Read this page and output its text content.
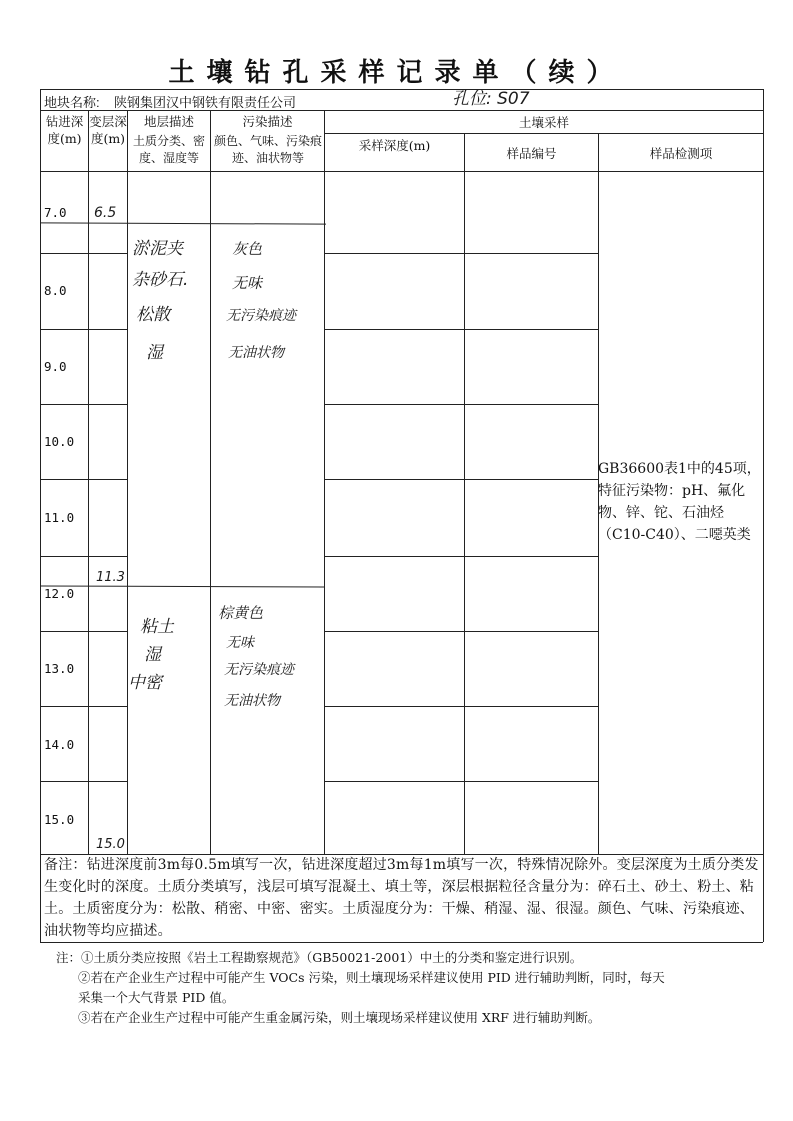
土壤钻孔采样记录单（续）
地块名称: 陕钢集团汉中钢铁有限责任公司	孔位: S07
钻进深度(m)
变层深度(m)
地层描述
土质分类、密度、湿度等
污染描述
颜色、气味、污染痕迹、油状物等
土壤采样
采样深度(m)
样品编号	样品检测项
7.0
8.0
9.0
10.0
11.0
12.0
13.0
14.0
15.0
6.5
11.3
15.0
淤泥夹
杂砂石.
松散
湿
灰色
无味
无污染痕迹
无油状物
粘土
湿
中密
棕黄色
无味
无污染痕迹
无油状物
GB36600表1中的45项，特征污染物：pH、氟化物、锌、铊、石油烃（C10-C40）、二噁英类
备注：钻进深度前3m每0.5m填写一次，钻进深度超过3m每1m填写一次，特殊情况除外。变层深度为土质分类发生变化时的深度。土质分类填写，浅层可填写混凝土、填土等，深层根据粒径含量分为：碎石土、砂土、粉土、粘土。土质密度分为：松散、稍密、中密、密实。土质湿度分为：干燥、稍湿、湿、很湿。颜色、气味、污染痕迹、油状物等均应描述。
注：①土质分类应按照《岩土工程勘察规范》（GB50021-2001）中土的分类和鉴定进行识别。
②若在产企业生产过程中可能产生 VOCs 污染，则土壤现场采样建议使用 PID 进行辅助判断，同时，每天
采集一个大气背景 PID 值。
③若在产企业生产过程中可能产生重金属污染，则土壤现场采样建议使用 XRF 进行辅助判断。
